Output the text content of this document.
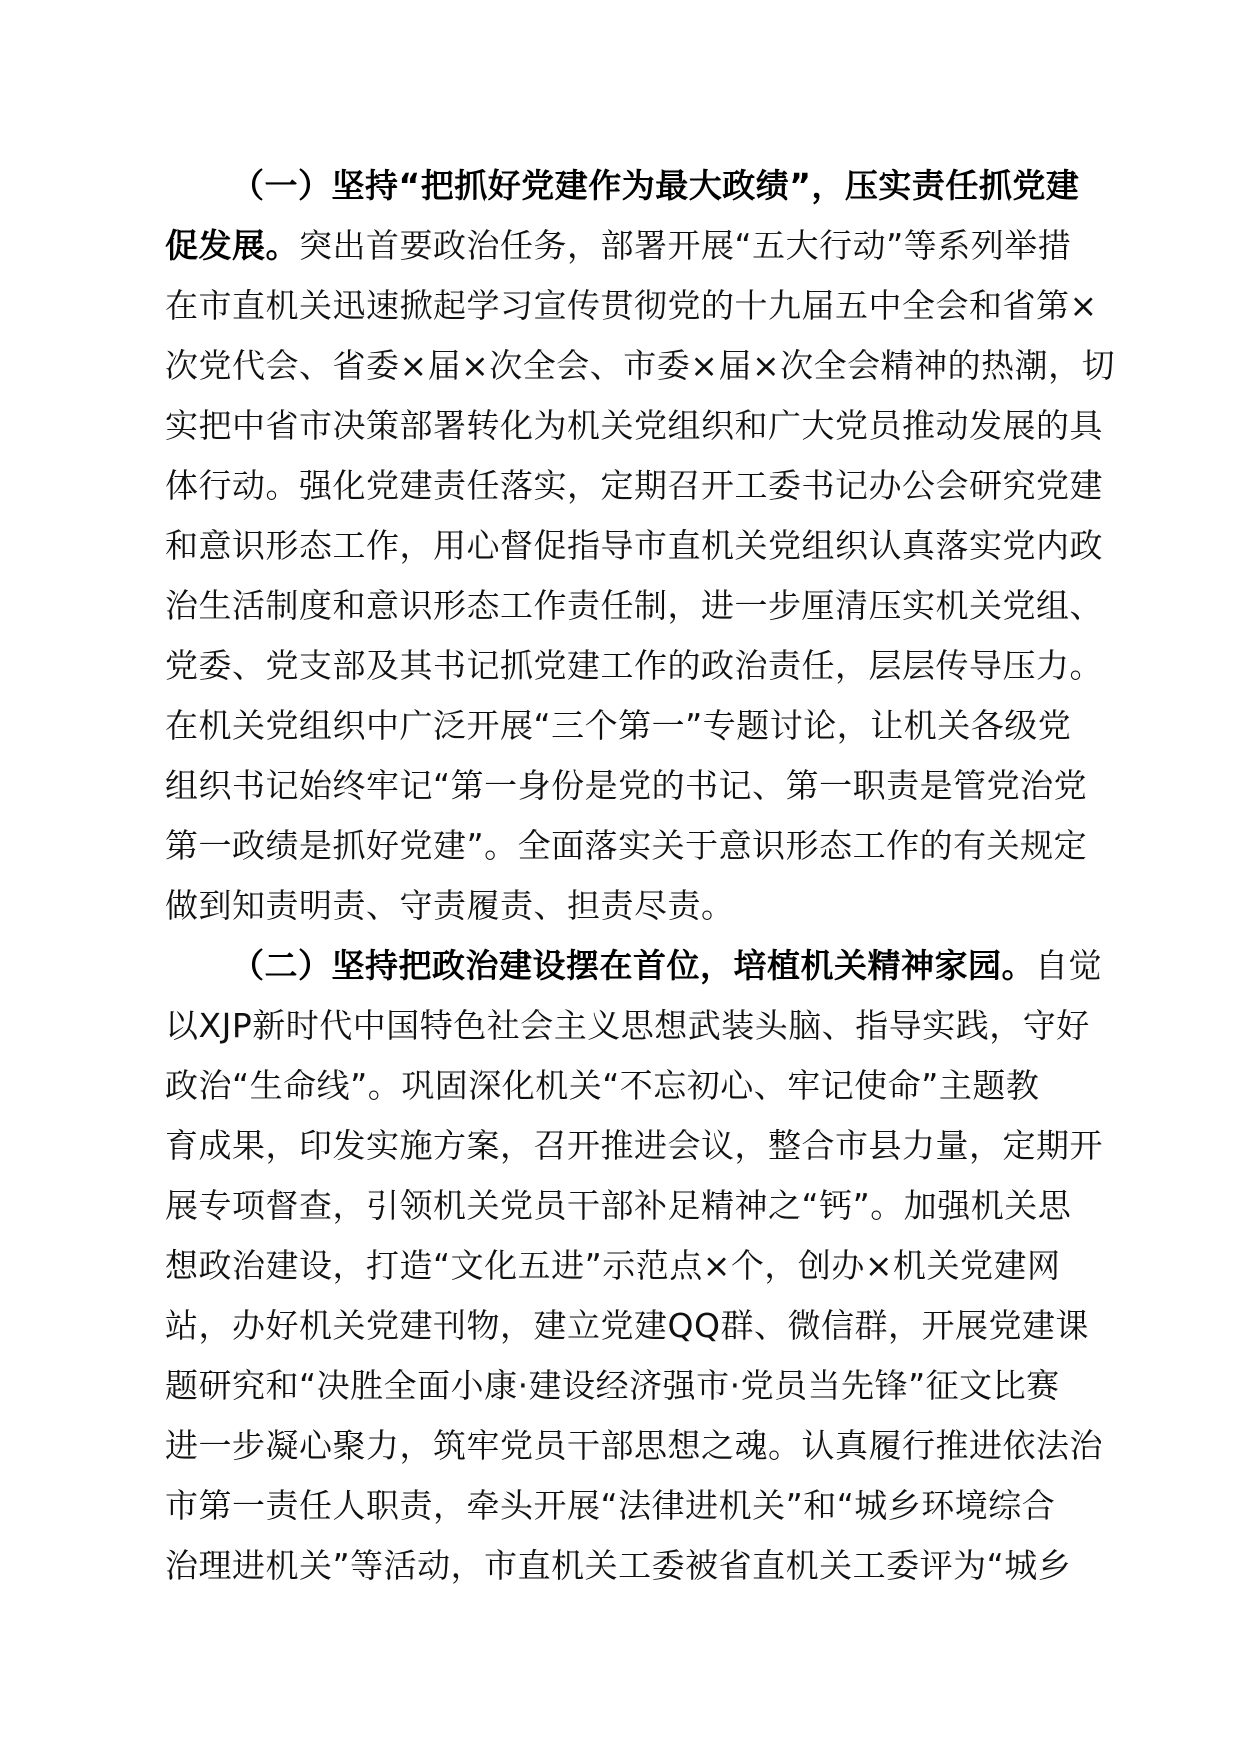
（一）坚持“把抓好党建作为最大政绩”，压实责任抓党建
促发展。突出首要政治任务，部署开展“五大行动”等系列举措
在市直机关迅速掀起学习宣传贯彻党的十九届五中全会和省第×
次党代会、省委×届×次全会、市委×届×次全会精神的热潮，切
实把中省市决策部署转化为机关党组织和广大党员推动发展的具
体行动。强化党建责任落实，定期召开工委书记办公会研究党建
和意识形态工作，用心督促指导市直机关党组织认真落实党内政
治生活制度和意识形态工作责任制，进一步厘清压实机关党组、
党委、党支部及其书记抓党建工作的政治责任，层层传导压力。
在机关党组织中广泛开展“三个第一”专题讨论，让机关各级党
组织书记始终牢记“第一身份是党的书记、第一职责是管党治党
第一政绩是抓好党建”。全面落实关于意识形态工作的有关规定
做到知责明责、守责履责、担责尽责。
（二）坚持把政治建设摆在首位，培植机关精神家园。自觉
以XJP新时代中国特色社会主义思想武装头脑、指导实践，守好
政治“生命线”。巩固深化机关“不忘初心、牢记使命”主题教
育成果，印发实施方案，召开推进会议，整合市县力量，定期开
展专项督查，引领机关党员干部补足精神之“钙”。加强机关思
想政治建设，打造“文化五进”示范点×个，创办×机关党建网
站，办好机关党建刊物，建立党建QQ群、微信群，开展党建课
题研究和“决胜全面小康·建设经济强市·党员当先锋”征文比赛
进一步凝心聚力，筑牢党员干部思想之魂。认真履行推进依法治
市第一责任人职责，牵头开展“法律进机关”和“城乡环境综合
治理进机关”等活动，市直机关工委被省直机关工委评为“城乡
